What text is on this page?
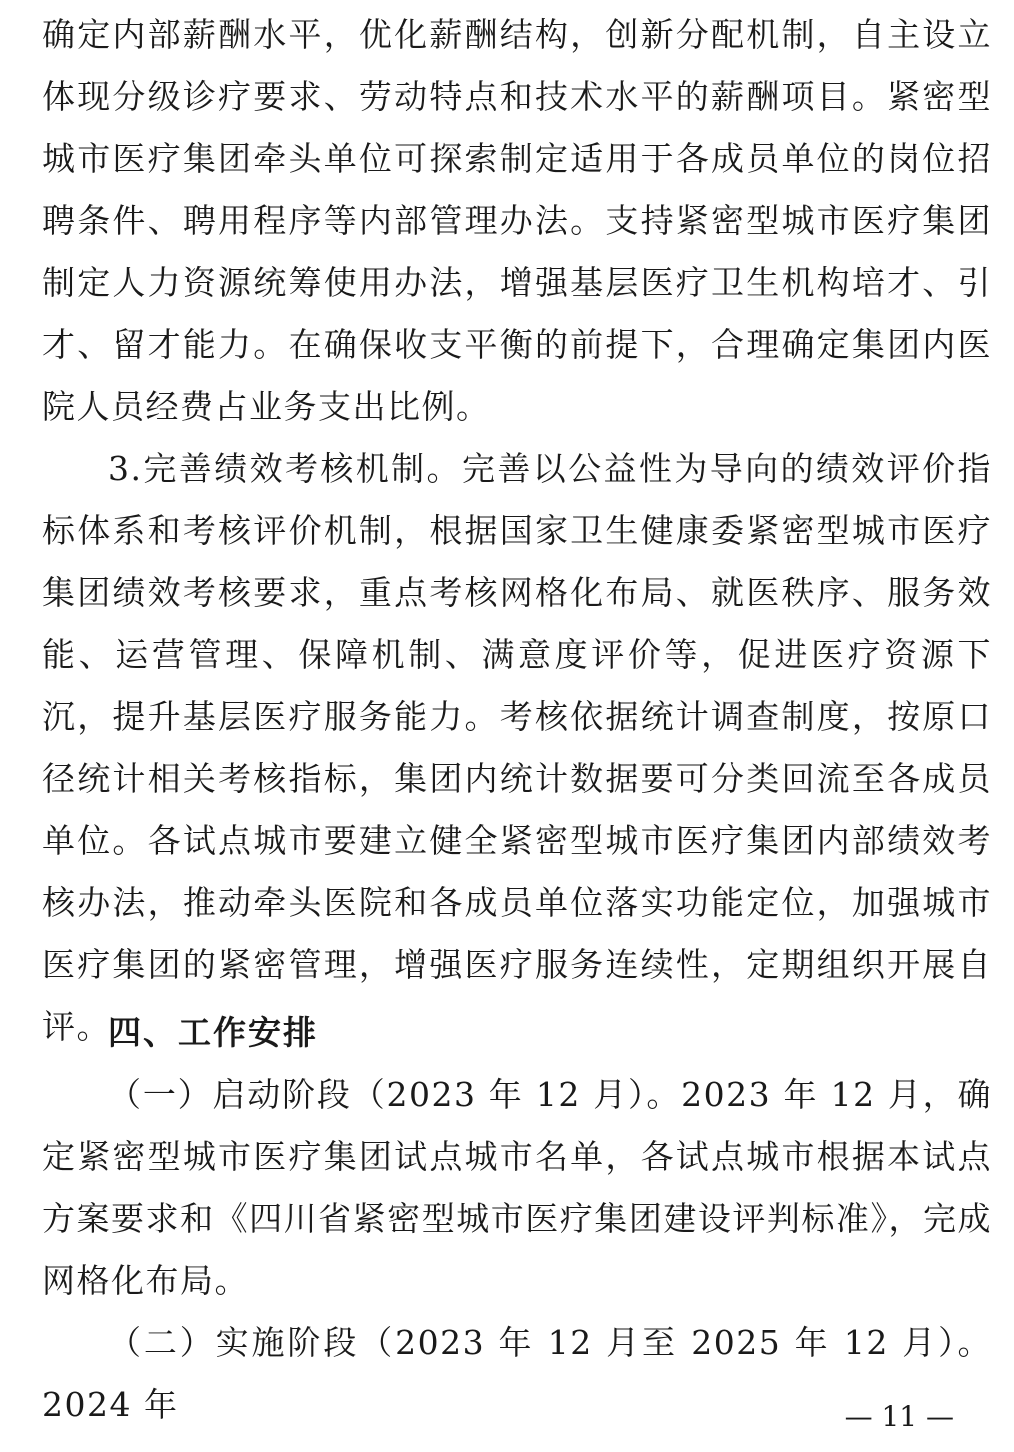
确定内部薪酬水平，优化薪酬结构，创新分配机制，自主设立体现分级诊疗要求、劳动特点和技术水平的薪酬项目。紧密型城市医疗集团牵头单位可探索制定适用于各成员单位的岗位招聘条件、聘用程序等内部管理办法。支持紧密型城市医疗集团制定人力资源统筹使用办法，增强基层医疗卫生机构培才、引才、留才能力。在确保收支平衡的前提下，合理确定集团内医院人员经费占业务支出比例。

3.完善绩效考核机制。完善以公益性为导向的绩效评价指标体系和考核评价机制，根据国家卫生健康委紧密型城市医疗集团绩效考核要求，重点考核网格化布局、就医秩序、服务效能、运营管理、保障机制、满意度评价等，促进医疗资源下沉，提升基层医疗服务能力。考核依据统计调查制度，按原口径统计相关考核指标，集团内统计数据要可分类回流至各成员单位。各试点城市要建立健全紧密型城市医疗集团内部绩效考核办法，推动牵头医院和各成员单位落实功能定位，加强城市医疗集团的紧密管理，增强医疗服务连续性，定期组织开展自评。

四、工作安排

（一）启动阶段（2023 年 12 月）。2023 年 12 月，确定紧密型城市医疗集团试点城市名单，各试点城市根据本试点方案要求和《四川省紧密型城市医疗集团建设评判标准》，完成网格化布局。

（二）实施阶段（2023 年 12 月至 2025 年 12 月）。2024 年	— 11 —
